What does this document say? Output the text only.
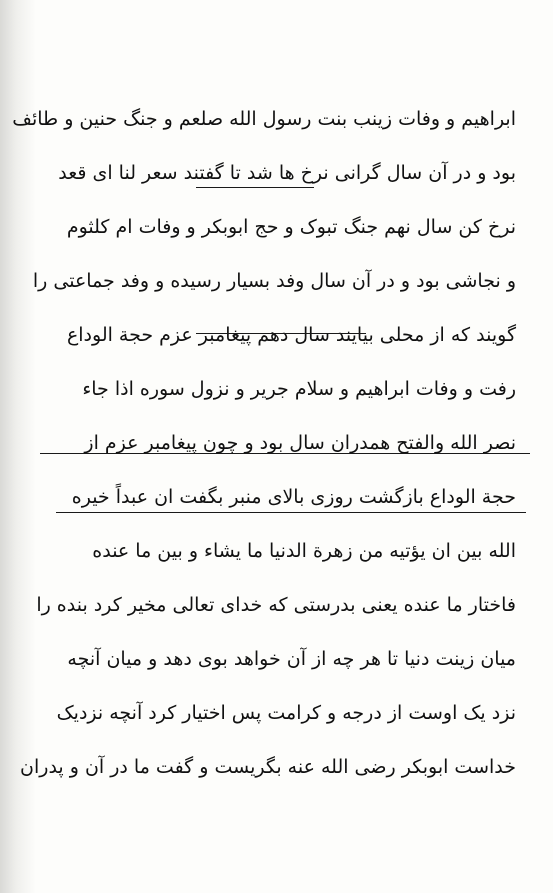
ابراهیم و وفات زینب بنت رسول الله صلعم و جنگ حنین و طائف
بود و در آن سال گرانی نرخ ها شد تا گفتند سعر لنا ای قعد
نرخ کن سال نهم جنگ تبوک و حج ابوبکر و وفات ام کلثوم
و نجاشی بود و در آن سال وفد بسیار رسیده و وفد جماعتی را
گویند که از محلی بیایند سال دهم پیغامبر عزم حجة الوداع
رفت و وفات ابراهیم و سلام جریر و نزول سوره اذا جاء
نصر الله والفتح همدران سال بود و چون پیغامبر عزم از
حجة الوداع بازگشت روزی بالای منبر بگفت ان عبداً خیره
الله بین ان یؤتیه من زهرة الدنیا ما یشاء و بین ما عنده
فاختار ما عنده یعنی بدرستی که خدای تعالی مخیر کرد بنده را
میان زینت دنیا تا هر چه از آن خواهد بوی دهد و میان آنچه
نزد یک اوست از درجه و کرامت پس اختیار کرد آنچه نزدیک
خداست ابوبکر رضی الله عنه بگریست و گفت ما در آن و پدران
